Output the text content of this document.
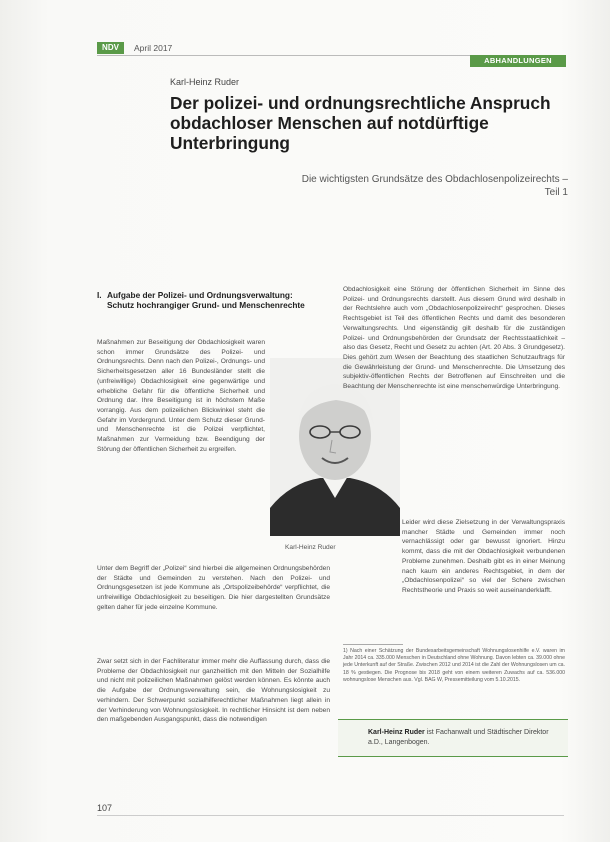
NDV	April 2017
ABHANDLUNGEN
Karl-Heinz Ruder
Der polizei- und ordnungsrechtliche Anspruch obdachloser Menschen auf notdürftige Unterbringung
Die wichtigsten Grundsätze des Obdachlosenpolizeirechts – Teil 1
I. Aufgabe der Polizei- und Ordnungsverwaltung: Schutz hochrangiger Grund- und Menschenrechte
Maßnahmen zur Beseitigung der Obdachlosigkeit waren schon immer Grundsätze des Polizei- und Ordnungsrechts. Denn nach den Polizei-, Ordnungs- und Sicherheitsgesetzen aller 16 Bundesländer stellt die (unfreiwillige) Obdachlosigkeit eine gegenwärtige und erhebliche Gefahr für die öffentliche Sicherheit und Ordnung dar. Ihre Beseitigung ist in höchstem Maße vorrangig. Aus dem polizeilichen Blickwinkel steht die Gefahr im Vordergrund. Unter dem Schutz dieser Grund- und Menschenrechte ist die Polizei verpflichtet, Maßnahmen zur Vermeidung bzw. Beendigung der Störung der öffentlichen Sicherheit zu ergreifen.
Karl-Heinz Ruder
Unter dem Begriff der „Polizei“ sind hierbei die allgemeinen Ordnungsbehörden der Städte und Gemeinden zu verstehen. Nach den Polizei- und Ordnungsgesetzen ist jede Kommune als „Ortspolizeibehörde“ verpflichtet, die unfreiwillige Obdachlosigkeit zu beseitigen. Die hier dargestellten Grundsätze gelten daher für jede einzelne Kommune.
Zwar setzt sich in der Fachliteratur immer mehr die Auffassung durch, dass die Probleme der Obdachlosigkeit nur ganzheitlich mit den Mitteln der Sozialhilfe und nicht mit polizeilichen Maßnahmen gelöst werden können. Es könnte auch die Aufgabe der Ordnungsverwaltung sein, die Wohnungslosigkeit zu verhindern. Der Schwerpunkt sozialhilferechtlicher Maßnahmen liegt allein in der Verhinderung von Wohnungslosigkeit. In rechtlicher Hinsicht ist dem neben den maßgebenden Ausgangspunkt, dass die notwendigen
Obdachlosigkeit eine Störung der öffentlichen Sicherheit im Sinne des Polizei- und Ordnungsrechts darstellt. Aus diesem Grund wird deshalb in der Rechtslehre auch vom „Obdachlosenpolizeirecht“ gesprochen. Dieses Rechtsgebiet ist Teil des öffentlichen Rechts und damit des besonderen Verwaltungsrechts. Und eigenständig gilt deshalb für die zuständigen Polizei- und Ordnungsbehörden der Grundsatz der Rechtsstaatlichkeit – also das Gesetz, Recht und Gesetz zu achten (Art. 20 Abs. 3 Grundgesetz). Dies gehört zum Wesen der Beachtung des staatlichen Schutzauftrags für die Gewährleistung der Grund- und Menschenrechte. Die Umsetzung des subjektiv-öffentlichen Rechts der Betroffenen auf Einschreiten und die Beachtung der Menschenrechte ist eine menschenwürdige Unterbringung.
Leider wird diese Zielsetzung in der Verwaltungspraxis mancher Städte und Gemeinden immer noch vernachlässigt oder gar bewusst ignoriert. Hinzu kommt, dass die mit der Obdachlosigkeit verbundenen Probleme zunehmen. Deshalb gibt es in einer Meinung nach kaum ein anderes Rechtsgebiet, in dem der „Obdachlosenpolizei“ so viel der Schere zwischen Rechtstheorie und Praxis so weit auseinanderklafft.
1) Nach einer Schätzung der Bundesarbeitsgemeinschaft Wohnungslosenhilfe e.V. waren im Jahr 2014 ca. 335.000 Menschen in Deutschland ohne Wohnung. Davon lebten ca. 39.000 ohne jede Unterkunft auf der Straße. Zwischen 2012 und 2014 ist die Zahl der Wohnungslosen um ca. 18 % gestiegen. Die Prognose bis 2018 geht von einem weiteren Zuwachs auf ca. 536.000 wohnungslose Menschen aus. Vgl. BAG W, Pressemitteilung vom 5.10.2015.
Karl-Heinz Ruder ist Fachanwalt und Städtischer Direktor a.D., Langenbogen.
107
